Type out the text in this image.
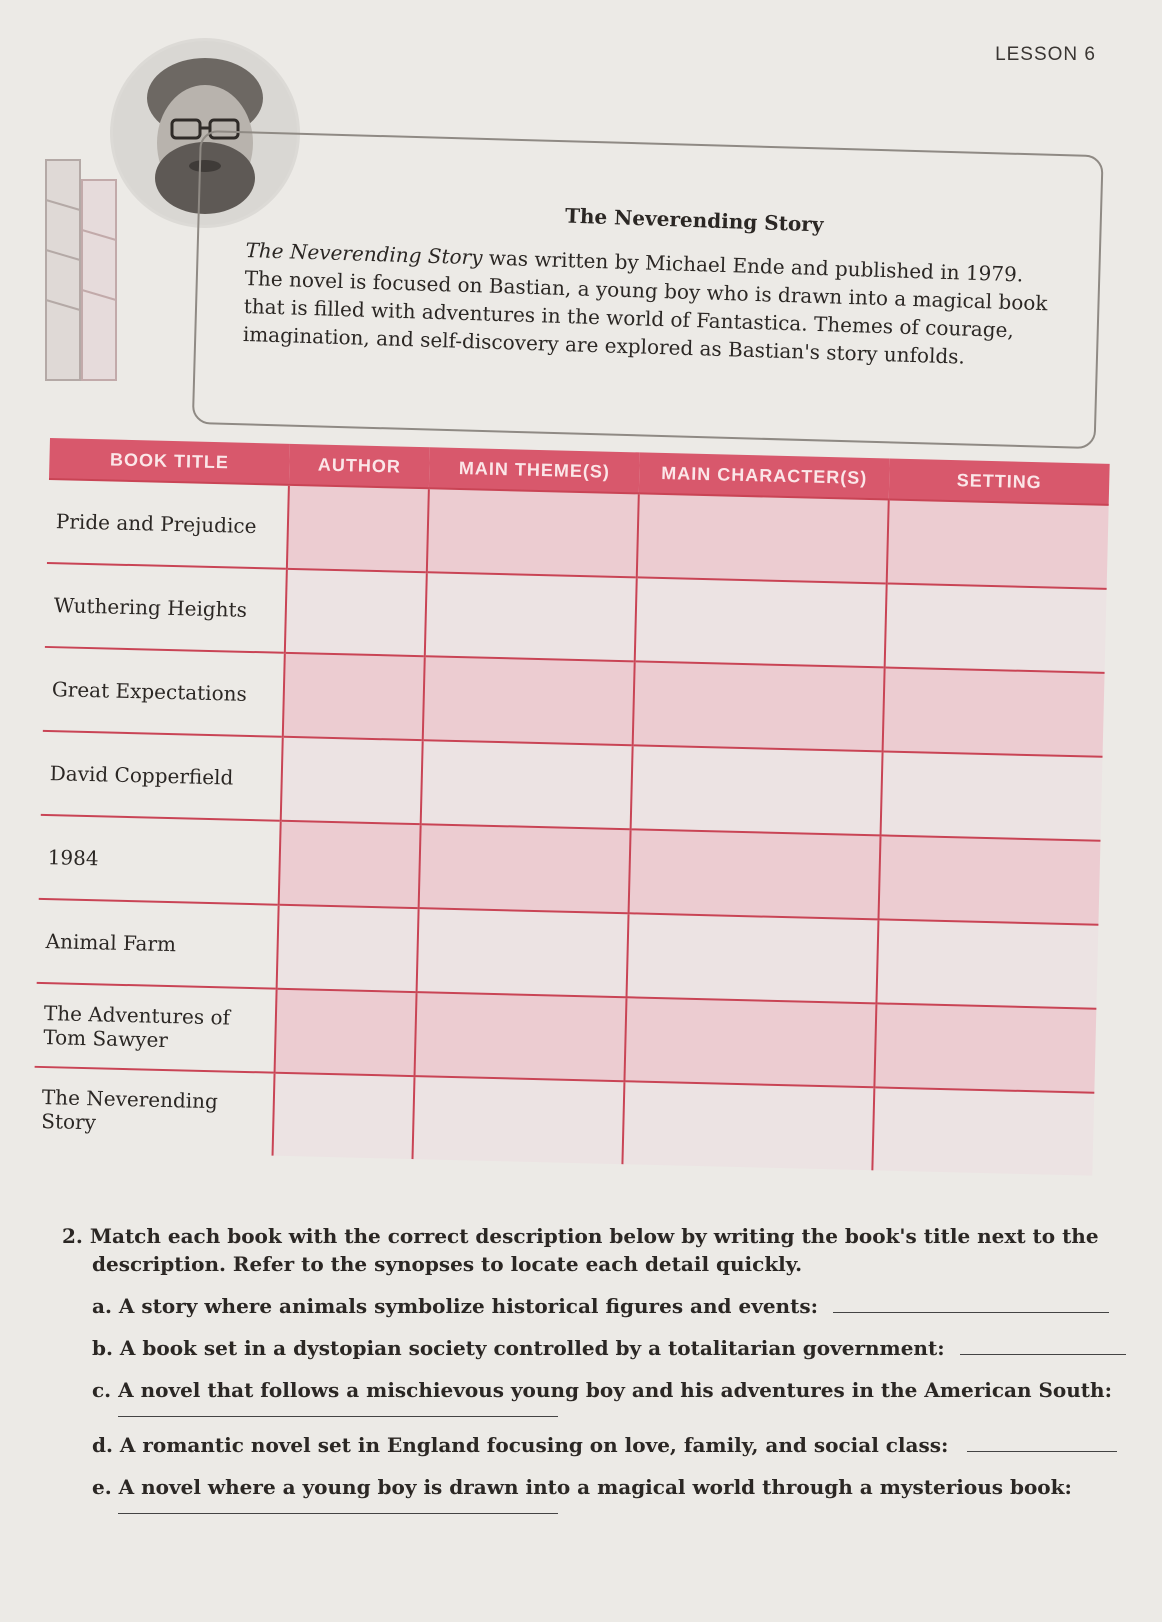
LESSON 6
The Neverending Story
The Neverending Story was written by Michael Ende and published in 1979. The novel is focused on Bastian, a young boy who is drawn into a magical book that is filled with adventures in the world of Fantastica. Themes of courage, imagination, and self-discovery are explored as Bastian's story unfolds.
BOOK TITLE	AUTHOR	MAIN THEME(S)	MAIN CHARACTER(S)	SETTING
Pride and Prejudice				
Wuthering Heights				
Great Expectations				
David Copperfield				
1984				
Animal Farm				
The Adventures of Tom Sawyer				
The Neverending Story				

2. Match each book with the correct description below by writing the book's title next to the
description. Refer to the synopses to locate each detail quickly.

a. A story where animals symbolize historical figures and events:
b. A book set in a dystopian society controlled by a totalitarian government:
c. A novel that follows a mischievous young boy and his adventures in the American South:
d. A romantic novel set in England focusing on love, family, and social class:
e. A novel where a young boy is drawn into a magical world through a mysterious book:
